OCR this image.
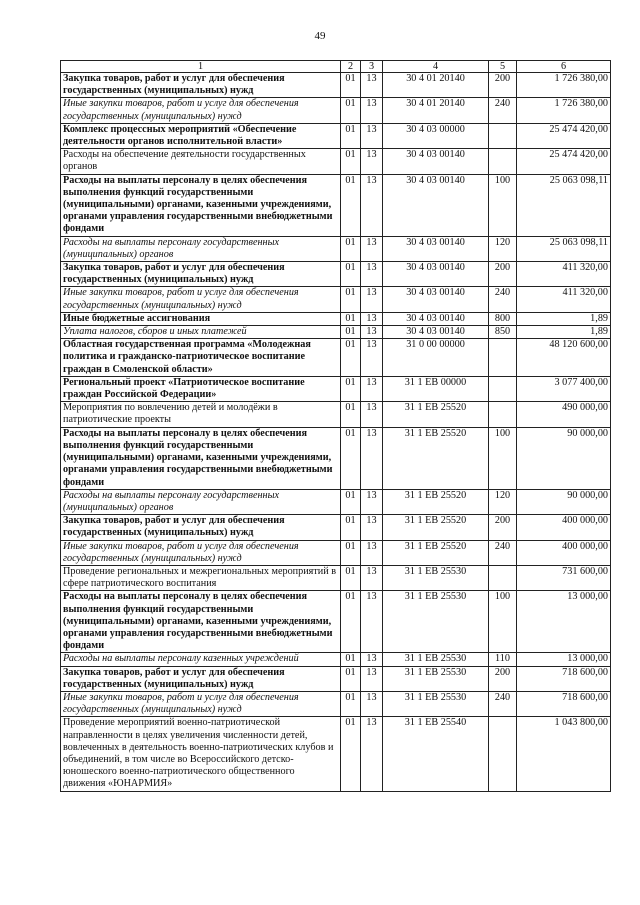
49
1	2	3	4	5	6
Закупка товаров, работ и услуг для обеспечения государственных (муниципальных) нужд	01	13	30 4 01 20140	200	1 726 380,00
Иные закупки товаров, работ и услуг для обеспечения государственных (муниципальных) нужд	01	13	30 4 01 20140	240	1 726 380,00
Комплекс процессных мероприятий «Обеспечение деятельности органов исполнительной власти»	01	13	30 4 03 00000		25 474 420,00
Расходы на обеспечение деятельности государственных органов	01	13	30 4 03 00140		25 474 420,00
Расходы на выплаты персоналу в целях обеспечения выполнения функций государственными (муниципальными) органами, казенными учреждениями, органами управления государственными внебюджетными фондами	01	13	30 4 03 00140	100	25 063 098,11
Расходы на выплаты персоналу государственных (муниципальных) органов	01	13	30 4 03 00140	120	25 063 098,11
Закупка товаров, работ и услуг для обеспечения государственных (муниципальных) нужд	01	13	30 4 03 00140	200	411 320,00
Иные закупки товаров, работ и услуг для обеспечения государственных (муниципальных) нужд	01	13	30 4 03 00140	240	411 320,00
Иные бюджетные ассигнования	01	13	30 4 03 00140	800	1,89
Уплата налогов, сборов и иных платежей	01	13	30 4 03 00140	850	1,89
Областная государственная программа «Молодежная политика и гражданско-патриотическое воспитание граждан в Смоленской области»	01	13	31 0 00 00000		48 120 600,00
Региональный проект «Патриотическое воспитание граждан Российской Федерации»	01	13	31 1 EB 00000		3 077 400,00
Мероприятия по вовлечению детей и молодёжи в патриотические проекты	01	13	31 1 EB 25520		490 000,00
Расходы на выплаты персоналу в целях обеспечения выполнения функций государственными (муниципальными) органами, казенными учреждениями, органами управления государственными внебюджетными фондами	01	13	31 1 EB 25520	100	90 000,00
Расходы на выплаты персоналу государственных (муниципальных) органов	01	13	31 1 EB 25520	120	90 000,00
Закупка товаров, работ и услуг для обеспечения государственных (муниципальных) нужд	01	13	31 1 EB 25520	200	400 000,00
Иные закупки товаров, работ и услуг для обеспечения государственных (муниципальных) нужд	01	13	31 1 EB 25520	240	400 000,00
Проведение региональных и межрегиональных мероприятий в сфере патриотического воспитания	01	13	31 1 EB 25530		731 600,00
Расходы на выплаты персоналу в целях обеспечения выполнения функций государственными (муниципальными) органами, казенными учреждениями, органами управления государственными внебюджетными фондами	01	13	31 1 EB 25530	100	13 000,00
Расходы на выплаты персоналу казенных учреждений	01	13	31 1 EB 25530	110	13 000,00
Закупка товаров, работ и услуг для обеспечения государственных (муниципальных) нужд	01	13	31 1 EB 25530	200	718 600,00
Иные закупки товаров, работ и услуг для обеспечения государственных (муниципальных) нужд	01	13	31 1 EB 25530	240	718 600,00
Проведение мероприятий военно-патриотической направленности в целях увеличения численности детей, вовлеченных в деятельность военно-патриотических клубов и объединений, в том числе во Всероссийского детско-юношеского военно-патриотического общественного движения «ЮНАРМИЯ»	01	13	31 1 EB 25540		1 043 800,00
